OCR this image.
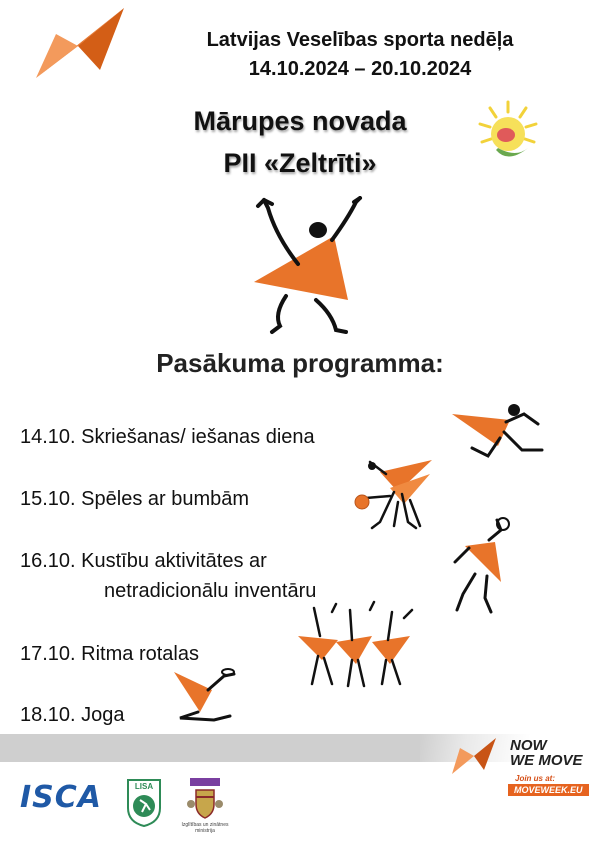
Latvijas Veselības sporta nedēļa
14.10.2024 – 20.10.2024
Mārupes novada
PII «Zeltrīti»
Pasākuma programma:
14.10. Skriešanas/ iešanas diena
15.10. Spēles ar bumbām
16.10. Kustību aktivitātes ar
netradicionālu inventāru
17.10. Ritma rotalas
18.10. Joga
ISCA	LISA
Izglītības un zinātnes
ministrija
NOW
WE MOVE
Join us at:
MOVEWEEK.EU
